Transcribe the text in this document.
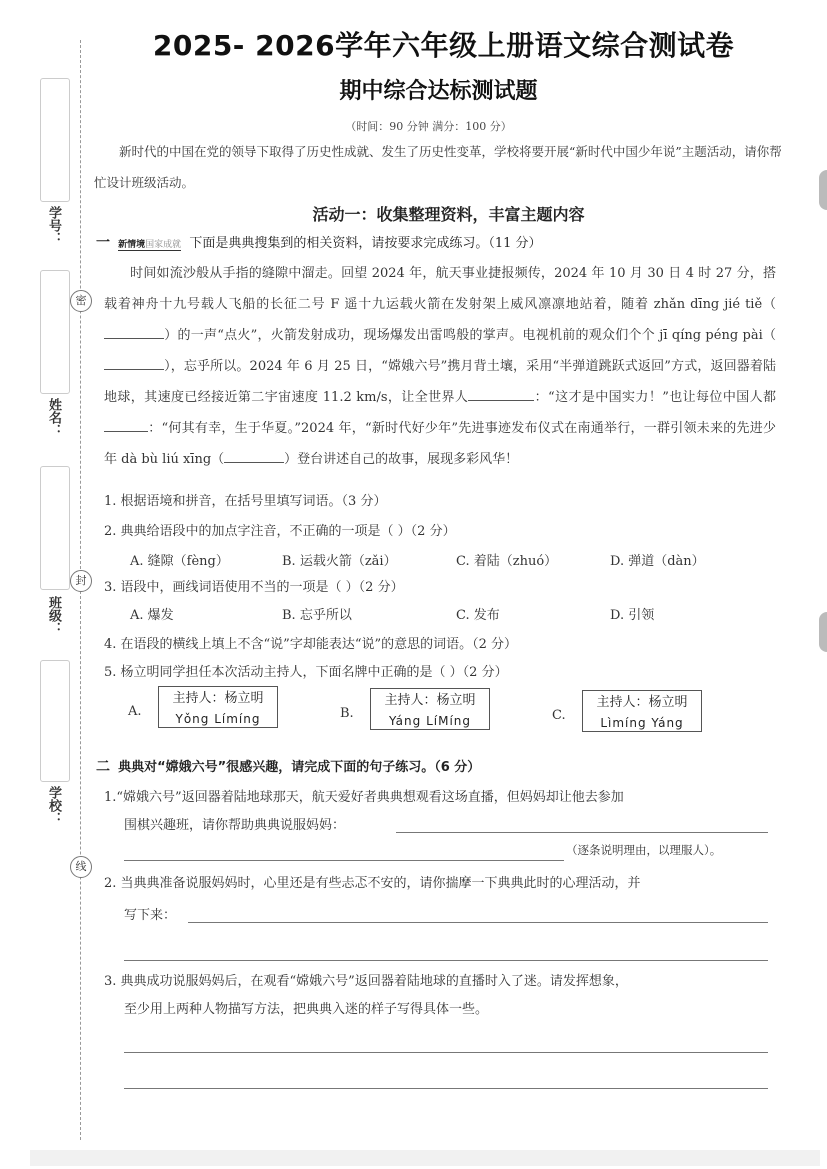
学号：
姓名：
班级：
学校：
密
封
线
2025- 2026学年六年级上册语文综合测试卷
期中综合达标测试题
（时间：90 分钟 满分：100 分）
新时代的中国在党的领导下取得了历史性成就、发生了历史性变革，学校将要开展“新时代中国少年说”主题活动，请你帮忙设计班级活动。
活动一：收集整理资料，丰富主题内容
一 新情境国家成就 下面是典典搜集到的相关资料，请按要求完成练习。（11 分）
时间如流沙般从手指的缝隙中溜走。回望 2024 年，航天事业捷报频传，2024 年 10 月 30 日 4 时 27 分，搭载着神舟十九号载人飞船的长征二号 F 遥十九运载火箭在发射架上威风凛凛地站着，随着 zhǎn dīng jié tiě（）的一声“点火”，火箭发射成功，现场爆发出雷鸣般的掌声。电视机前的观众们个个 jī qíng péng pài（），忘乎所以。2024 年 6 月 25 日，“嫦娥六号”携月背土壤，采用“半弹道跳跃式返回”方式，返回器着陆地球，其速度已经接近第二宇宙速度 11.2 km/s，让全世界人	：“这才是中国实力！”也让每位中国人都：“何其有幸，生于华夏。”2024 年，“新时代好少年”先进事迹发布仪式在南通举行，一群引领未来的先进少年 dà bù liú xīng（	）登台讲述自己的故事，展现多彩风华！
1. 根据语境和拼音，在括号里填写词语。（3 分）
2. 典典给语段中的加点字注音，不正确的一项是（ ）（2 分）
A. 缝隙（fèng）	B. 运载火箭（zǎi）	C. 着陆（zhuó）	D. 弹道（dàn）
3. 语段中，画线词语使用不当的一项是（ ）（2 分）
A. 爆发	B. 忘乎所以	C. 发布	D. 引领
4. 在语段的横线上填上不含“说”字却能表达“说”的意思的词语。（2 分）
5. 杨立明同学担任本次活动主持人，下面名牌中正确的是（ ）（2 分）
A.
主持人：杨立明
Yǒng Límíng	B.
主持人：杨立明
Yáng LíMíng	C.
主持人：杨立明
Lìmíng Yáng
二 典典对“嫦娥六号”很感兴趣，请完成下面的句子练习。（6 分）
1.“嫦娥六号”返回器着陆地球那天，航天爱好者典典想观看这场直播，但妈妈却让他去参加
围棋兴趣班，请你帮助典典说服妈妈：
（逐条说明理由，以理服人）。
2. 当典典准备说服妈妈时，心里还是有些忐忑不安的，请你揣摩一下典典此时的心理活动，并
写下来：
3. 典典成功说服妈妈后，在观看“嫦娥六号”返回器着陆地球的直播时入了迷。请发挥想象，
至少用上两种人物描写方法，把典典入迷的样子写得具体一些。
